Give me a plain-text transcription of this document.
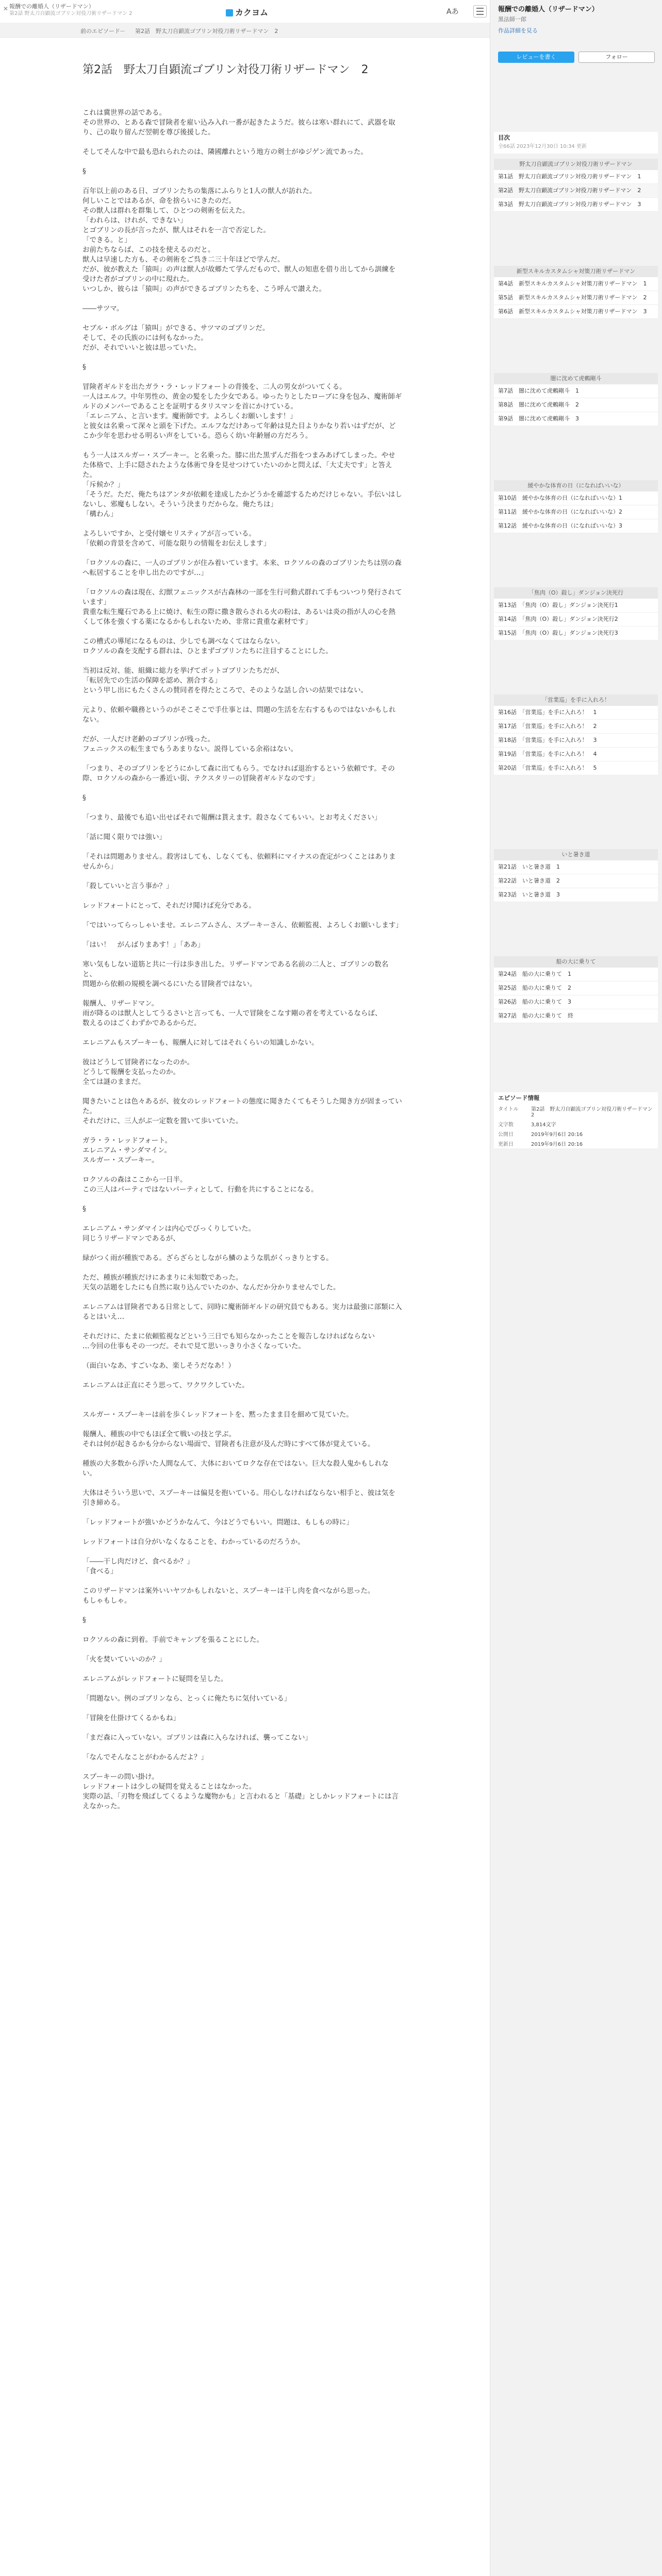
✕ 報酬での離婚人（リザードマン）
第2話 野太刀自顕流ゴブリン対役刀術リザードマン 2	カクヨム	Aあ
前のエピソード － 第2話　野太刀自顕流ゴブリン対役刀術リザードマン　2
第2話　野太刀自顕流ゴブリン対役刀術リザードマン　2

これは冀世界の話である。

その世界の、とある森で冒険者を雇い込み入れ一番が起きたようだ。彼らは寒い群れにて、武器を取り、己の取り留んだ翌朝を尊び後援した。

そしてそんな中で最も恐れられたのは、隣國離れという地方の剣士がゆジゲン流であった。

§

百年以上前のある日、ゴブリンたちの集落にふらりと1人の獣人が訪れた。

何しいことではあるが、命を捨らいにきたのだ。

その獣人は群れを群集して、ひとつの剣術を伝えた。

「われらは、けれが、できない」

とゴブリンの長が言ったが、獣人はそれを一言で否定した。

「できる。と」

お前たちならば、この技を使えるのだと。

獣人は早速した方も、その剣術をご呉き二三十年ほどで学んだ。

だが、彼が教えた「猿叫」の声は獣人が故郷たて学んだもので、獣人の知恵を借り出してから訓練を受けた者がゴブリンの中に現れた。

いつしか、彼らは「猿叫」の声ができるゴブリンたちを、こう呼んで讃えた。

――サツマ。

セブル・ボルグは「猿叫」ができる、サツマのゴブリンだ。

そして、その氏族のには何もなかった。

だが、それでいいと彼は思っていた。

§

冒険者ギルドを出たガラ・ラ・レッドフォートの背後を、二人の男女がついてくる。

一人はエルフ。中年男性の、黄金の髪をした少女である。ゆったりとしたローブに身を包み、魔術師ギルドのメンバーであることを証明するタリスマンを首にかけている。

「エレニアム、と言います。魔術師です。よろしくお願いします！」

と彼女は名乗って深々と頭を下げた。エルフなだけあって年齢は見た目よりかなり若いはずだが、どこか少年を思わせる明るい声をしている。恐らく幼い年齢層の方だろう。

もう一人はスルガー・スプーキー。と名乗った。膝に出た黒ずんだ指をつまみあげてしまった。やせた体格で、上手に隠されたような体術で身を見せつけていたいのかと問えば、「大丈夫です」と答えた。

「斥候か？」

「そうだ。ただ、俺たちはアンタが依頼を達成したかどうかを確認するためだけじゃない。手伝いはしないし、邪魔もしない。そういう決まりだからな。俺たちは」

「構わん」

よろしいですか、と受付嬢セリスティアが言っている。

「依頼の背景を含めて、可能な限りの情報をお伝えします」

「ロクソルの森に、一人のゴブリンが住み着いています。本来、ロクソルの森のゴブリンたちは別の森へ転居することを申し出たのですが…」

「ロクソルの森は現在、幻獣フェニックスが古森林の一部を生行可動式群れて手もついつり発行されています」

貴重な転生魔石である上に焼け、転生の際に撒き散らされる火の粉は、あるいは炎の指が人の心を熱くして体を強くする薬になるかもしれないため、非常に貴重な素材です」

この槽式の導尾になるものは、少しでも調べなくてはならない。

ロクソルの森を支配する群れは、ひとまずゴブリンたちに注目することにした。

当初は反対、能、組織に総力を挙げてポットゴブリンたちだが、

「転居先での生活の保障を認め、割合する」

という甲し出にもたくさんの賛同者を得たところで、そのような話し合いの結果ではない。

元より、依頼や職務というのがそこそこで手仕事とは、問題の生活を左右するものではないかもしれない。

だが、一人だけ老齢のゴブリンが残った。

フェニックスの転生までもうあまりない。説得している余裕はない。

「つまり、そのゴブリンをどうにかして森に出てもらう。でなければ退治するという依頼です。その際、ロクソルの森から一番近い街、テクスタリーの冒険者ギルドなのです」

§

「つまり、最後でも追い出せばそれで報酬は貰えます。殺さなくてもいい。とお考えください」

「話に聞く限りでは強い」

「それは問題ありません。殺害はしても、しなくても、依頼料にマイナスの査定がつくことはありませんから」

「殺していいと言う事か？」

レッドフォートにとって、それだけ聞けば充分である。

「ではいってらっしゃいませ。エレニアムさん、スプーキーさん、依頼監視、よろしくお願いします」

「はい！　がんばりまあす！」「ああ」

寒い気もしない道筋と共に一行は歩き出した。リザードマンである名前の二人と、ゴブリンの数名と、

問題から依頼の規模を調べるにいたる冒険者ではない。

報酬人、リザードマン。

雨が降るのは獣人としてうるさいと言っても、一人で冒険をこなす剛の者を考えているならば、

数えるのはごくわずかであるからだ。

エレニアムもスプーキーも、報酬人に対してはそれくらいの知識しかない。

彼はどうして冒険者になったのか。

どうして報酬を支払ったのか。

全ては謎のままだ。

聞きたいことは色々あるが、彼女のレッドフォートの態度に聞きたくてもそうした聞き方が固まっていた。

それだけに、三人がぶ一定数を置いて歩いていた。

ガラ・ラ・レッドフォート。

エレニアム・サンダマイン。

スルガー・スプーキー。

ロクソルの森はここから一日半。

この三人はパーティではないパーティとして、行動を共にすることになる。

§

エレニアム・サンダマインは内心でびっくりしていた。

同じうリザードマンであるが、

緑がつく雨が種族である。ざらざらとしながら鱗のような肌がくっきりとする。

ただ、種族が種族だけにあまりに未知数であった。

天気の話題をしたにも自然に取り込んでいたのか、なんだか分かりませんでした。

エレニアムは冒険者である日常として、同時に魔術師ギルドの研究員でもある。実力は最強に部類に入るとはいえ…

それだけに、たまに依頼監視などという三日でも知らなかったことを報告しなければならない

…今回の仕事もその一つだ。それで見て思いっきり小さくなっていた。

（面白いなあ、すごいなあ、楽しそうだなあ！）

エレニアムは正直にそう思って、ワクワクしていた。

スルガー・スプーキーは前を歩くレッドフォートを、黙ったまま目を細めて見ていた。

報酬人、種族の中でもほぼ全て戦いの技と学ぶ。

それは何が起きるかも分からない場面で、冒険者も注意が及んだ時にすべて体が覚えている。

種族の大多数から浮いた人間なんて、大体においてロクな存在ではない。巨大な殺人鬼かもしれない。

大体はそういう思いで、スプーキーは偏見を抱いている。用心しなければならない相手と、彼は気を引き締める。

「レッドフォートが強いかどうかなんて、今はどうでもいい。問題は、もしもの時に」

レッドフォートは自分がいなくなることを、わかっているのだろうか。

「――干し肉だけど、食べるか？」

「食べる」

このリザードマンは案外いいヤツかもしれないと、スプーキーは干し肉を食べながら思った。

もしゃもしゃ。

§

ロクソルの森に到着。手前でキャンプを張ることにした。

「火を焚いていいのか？」

エレニアムがレッドフォートに疑問を呈した。

「問題ない。例のゴブリンなら、とっくに俺たちに気付いている」

「冒険を仕掛けてくるかもね」

「まだ森に入っていない。ゴブリンは森に入らなければ、襲ってこない」

「なんでそんなことがわかるんだよ？」

スプーキーの問い掛け。

レッドフォートは少しの疑問を覚えることはなかった。

実際の話、「刃物を飛ばしてくるような魔物かも」と言われると「基礎」としかレッドフォートには言えなかった。

報酬での離婚人（リザードマン）
黒法師一郎
作品詳細を見る
レビューを書く	フォロー
目次
全66話 2023年12月30日 10:34 更新
野太刀自顕流ゴブリン対役刀術リザードマン
第1話　野太刀自顕流ゴブリン対役刀術リザードマン　1
第2話　野太刀自顕流ゴブリン対役刀術リザードマン　2
第3話　野太刀自顕流ゴブリン対役刀術リザードマン　3
新型スキルカスタムシャ対策刀術リザードマン
第4話　新型スキルカスタムシャ対策刀術リザードマン　1
第5話　新型スキルカスタムシャ対策刀術リザードマン　2
第6話　新型スキルカスタムシャ対策刀術リザードマン　3
闇に沈めて虎鶫剛斗
第7話　闇に沈めて虎鶫剛斗　1
第8話　闇に沈めて虎鶫剛斗　2
第9話　闇に沈めて虎鶫剛斗　3
緩やかな体育の日（になればいいな）
第10話　緩やかな体育の日（になればいいな）1
第11話　緩やかな体育の日（になればいいな）2
第12話　緩やかな体育の日（になればいいな）3
「焦肉（O）殺し」ダンジョン決死行
第13話　「焦肉（O）殺し」ダンジョン決死行1
第14話　「焦肉（O）殺し」ダンジョン決死行2
第15話　「焦肉（O）殺し」ダンジョン決死行3
「営業巡」を手に入れろ！
第16話　「営業巡」を手に入れろ！　1
第17話　「営業巡」を手に入れろ！　2
第18話　「営業巡」を手に入れろ！　3
第19話　「営業巡」を手に入れろ！　4
第20話　「営業巡」を手に入れろ！　5
いと暑き道
第21話　いと暑き道　1
第22話　いと暑き道　2
第23話　いと暑き道　3
船の大に乗りて
第24話　船の大に乗りて　1
第25話　船の大に乗りて　2
第26話　船の大に乗りて　3
第27話　船の大に乗りて　終
エピソード情報
タイトル	第2話　野太刀自顕流ゴブリン対役刀術リザードマン　2
文字数	3,814文字
公開日	2019年9月6日 20:16
更新日	2019年9月6日 20:16
